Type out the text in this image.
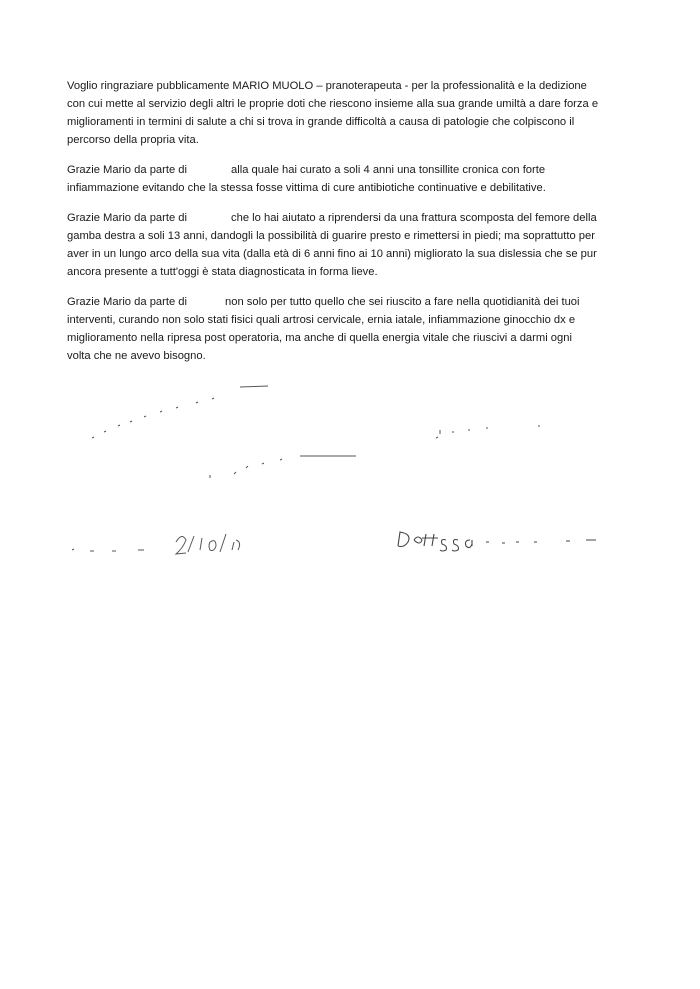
Voglio ringraziare pubblicamente MARIO MUOLO – pranoterapeuta - per la professionalità e la dedizione
con cui mette al servizio degli altri le proprie doti che riescono insieme alla sua grande umiltà a dare forza e
miglioramenti in termini di salute a chi si trova in grande difficoltà a causa di patologie che colpiscono il
percorso della propria vita.

Grazie Mario da parte di	alla quale hai curato a soli 4 anni una tonsillite cronica con forte
infiammazione evitando che la stessa fosse vittima di cure antibiotiche continuative e debilitative.

Grazie Mario da parte di	che lo hai aiutato a riprendersi da una frattura scomposta del femore della
gamba destra a soli 13 anni, dandogli la possibilità di guarire presto e rimettersi in piedi; ma soprattutto per
aver in un lungo arco della sua vita (dalla età di 6 anni fino ai 10 anni) migliorato la sua dislessia che se pur
ancora presente a tutt'oggi è stata diagnosticata in forma lieve.

Grazie Mario da parte di	non solo per tutto quello che sei riuscito a fare nella quotidianità dei tuoi
interventi, curando non solo stati fisici quali artrosi cervicale, ernia iatale, infiammazione ginocchio dx e
miglioramento nella ripresa post operatoria, ma anche di quella energia vitale che riuscivi a darmi ogni
volta che ne avevo bisogno.
